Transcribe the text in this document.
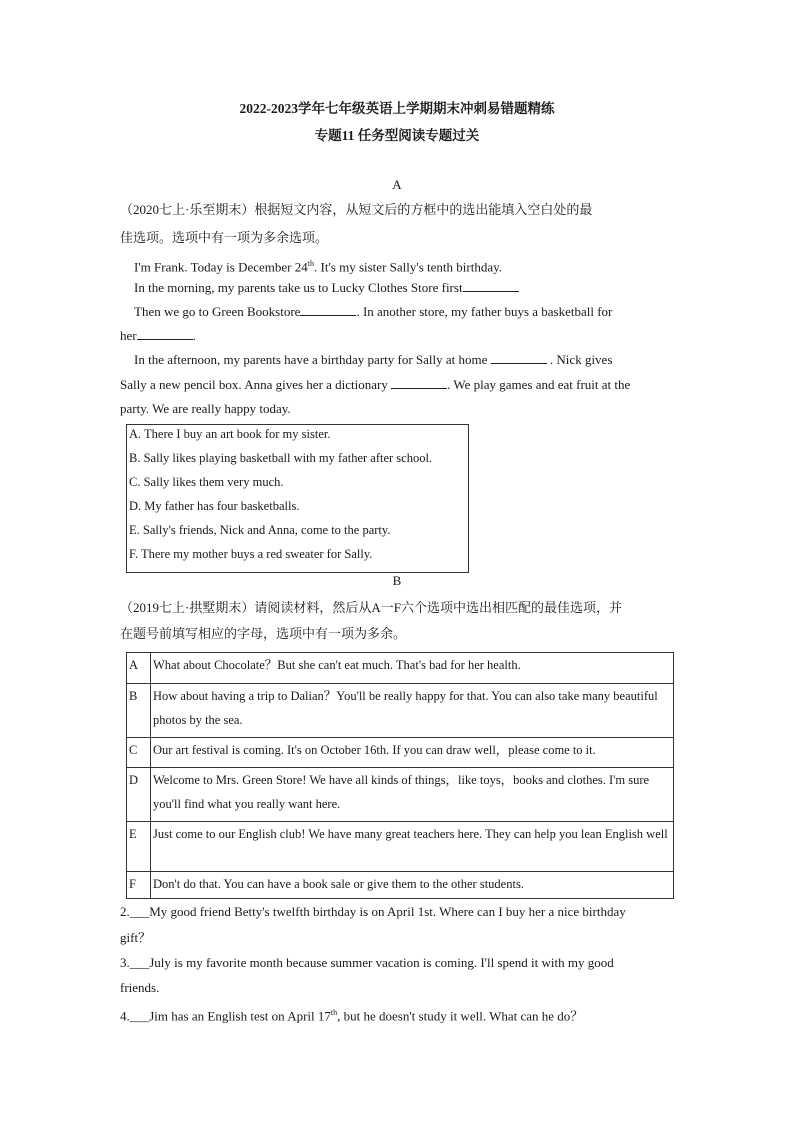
2022-2023学年七年级英语上学期期末冲刺易错题精练
专题11 任务型阅读专题过关
A
（2020七上·乐至期末）根据短文内容，从短文后的方框中的选出能填入空白处的最
佳选项。选项中有一项为多余选项。
I'm Frank. Today is December 24th. It's my sister Sally's tenth birthday.
In the morning, my parents take us to Lucky Clothes Store first
Then we go to Green Bookstore	. In another store, my father buys a basketball for
her	.
In the afternoon, my parents have a birthday party for Sally at home	. Nick gives
Sally a new pencil box. Anna gives her a dictionary	. We play games and eat fruit at the
party. We are really happy today.
A. There I buy an art book for my sister.
B. Sally likes playing basketball with my father after school.
C. Sally likes them very much.
D. My father has four basketballs.
E. Sally's friends, Nick and Anna, come to the party.
F. There my mother buys a red sweater for Sally.
B
（2019七上·拱墅期末）请阅读材料，然后从A一F六个选项中选出相匹配的最佳选项，并
在题号前填写相应的字母，选项中有一项为多余。
A	What about Chocolate？But she can't eat much. That's bad for her health.
B	How about having a trip to Dalian？You'll be really happy for that. You can also take many beautiful photos by the sea.
C	Our art festival is coming. It's on October 16th. If you can draw well，please come to it.
D	Welcome to Mrs. Green Store! We have all kinds of things，like toys，books and clothes. I'm sure you'll find what you really want here.
E	Just come to our English club! We have many great teachers here. They can help you lean English well
F	Don't do that. You can have a book sale or give them to the other students.
2.___My good friend Betty's twelfth birthday is on April 1st. Where can I buy her a nice birthday
gift？
3.___July is my favorite month because summer vacation is coming. I'll spend it with my good
friends.
4.___Jim has an English test on April 17th, but he doesn't study it well. What can he do？
